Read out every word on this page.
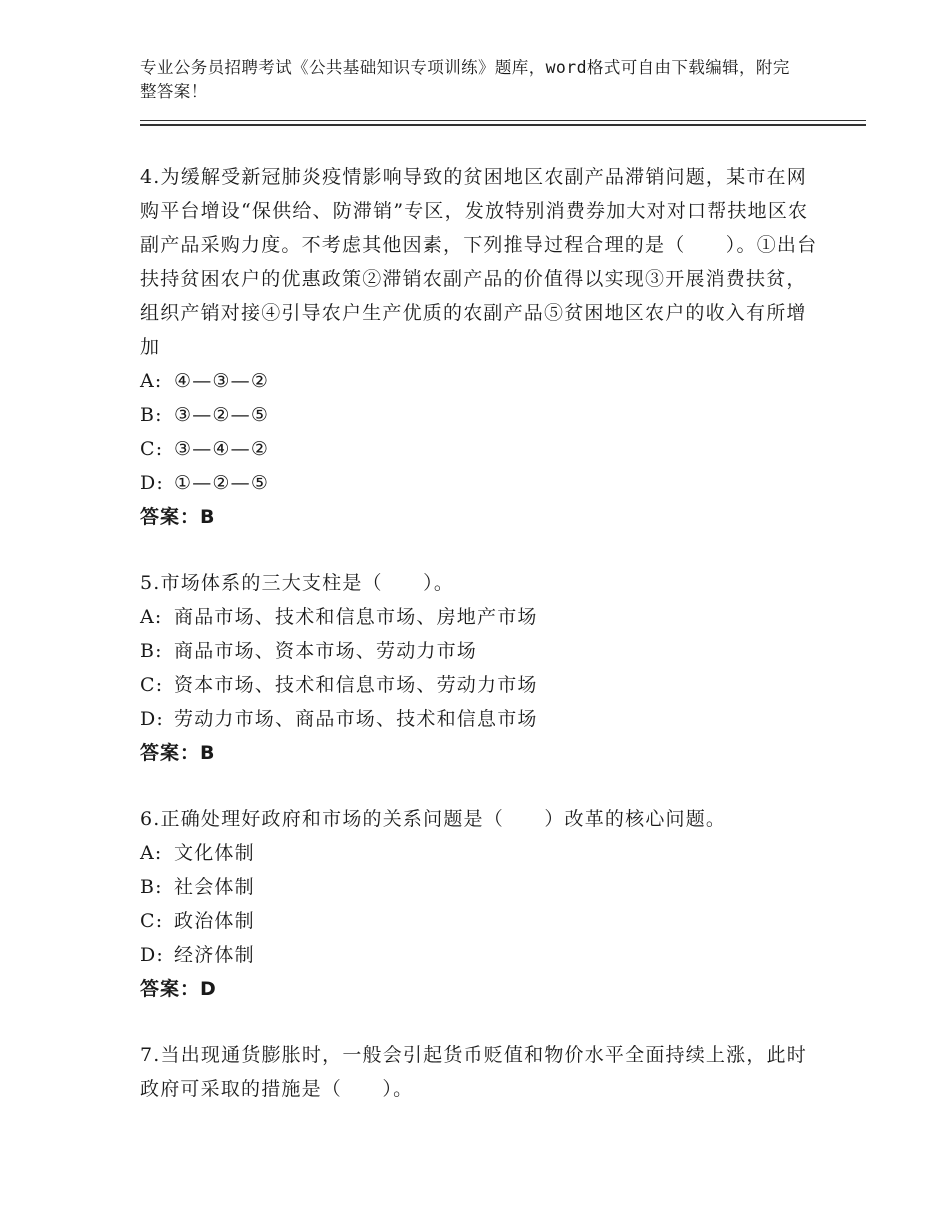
专业公务员招聘考试《公共基础知识专项训练》题库，word格式可自由下载编辑，附完整答案！
4.为缓解受新冠肺炎疫情影响导致的贫困地区农副产品滞销问题，某市在网购平台增设“保供给、防滞销”专区，发放特别消费券加大对对口帮扶地区农副产品采购力度。不考虑其他因素，下列推导过程合理的是（　　）。①出台扶持贫困农户的优惠政策②滞销农副产品的价值得以实现③开展消费扶贫，组织产销对接④引导农户生产优质的农副产品⑤贫困地区农户的收入有所增加
A: ④—③—②
B: ③—②—⑤
C: ③—④—②
D: ①—②—⑤
答案：B
5.市场体系的三大支柱是（　　）。
A: 商品市场、技术和信息市场、房地产市场
B: 商品市场、资本市场、劳动力市场
C: 资本市场、技术和信息市场、劳动力市场
D: 劳动力市场、商品市场、技术和信息市场
答案：B
6.正确处理好政府和市场的关系问题是（　　）改革的核心问题。
A: 文化体制
B: 社会体制
C: 政治体制
D: 经济体制
答案：D
7.当出现通货膨胀时，一般会引起货币贬值和物价水平全面持续上涨，此时政府可采取的措施是（　　）。
